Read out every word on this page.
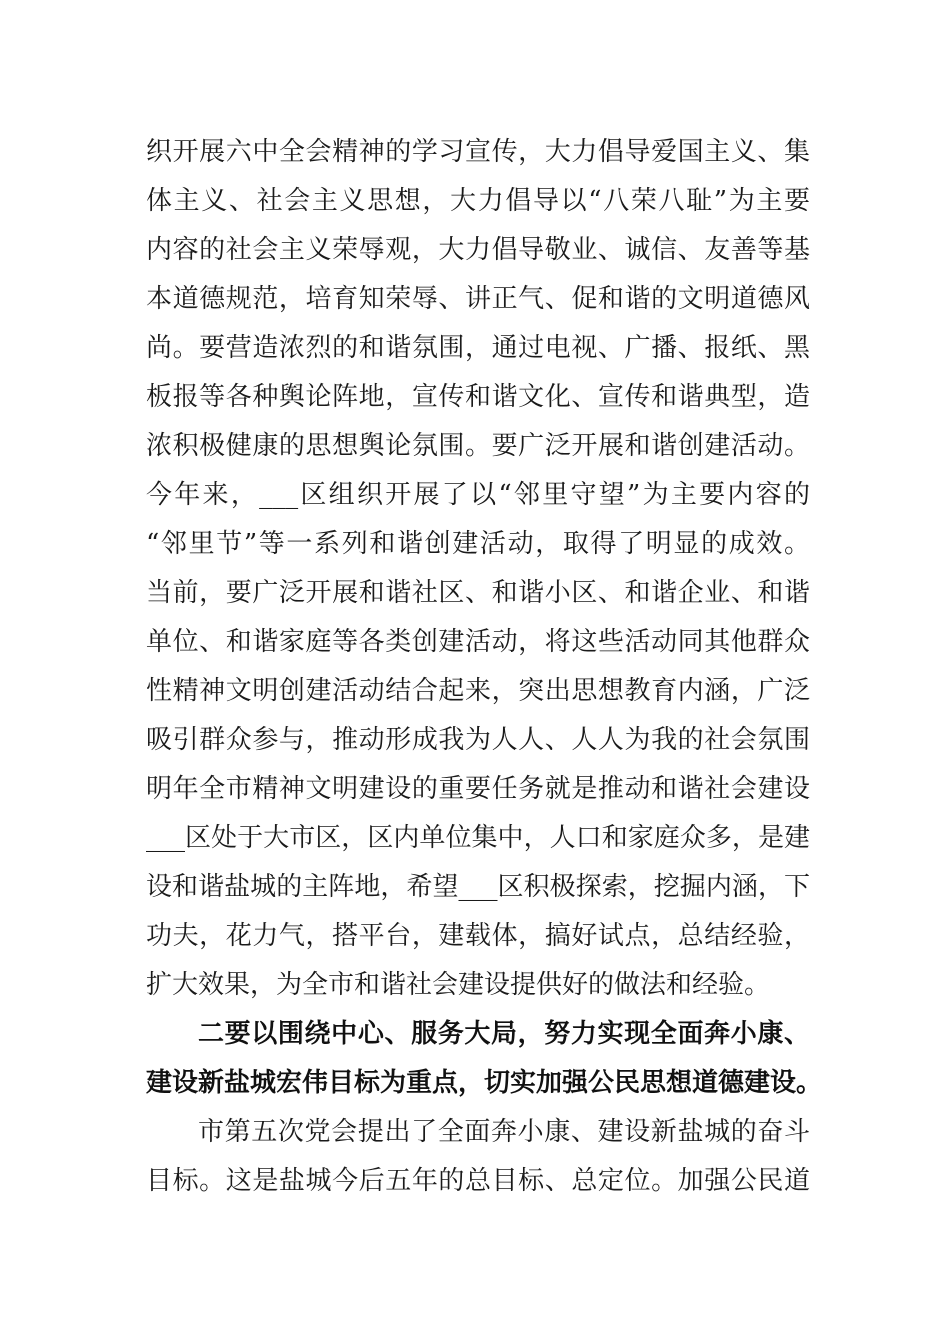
织开展六中全会精神的学习宣传，大力倡导爱国主义、集
体主义、社会主义思想，大力倡导以“八荣八耻”为主要
内容的社会主义荣辱观，大力倡导敬业、诚信、友善等基
本道德规范，培育知荣辱、讲正气、促和谐的文明道德风
尚。要营造浓烈的和谐氛围，通过电视、广播、报纸、黑
板报等各种舆论阵地，宣传和谐文化、宣传和谐典型，造
浓积极健康的思想舆论氛围。要广泛开展和谐创建活动。
今年来，___区组织开展了以“邻里守望”为主要内容的
“邻里节”等一系列和谐创建活动，取得了明显的成效。
当前，要广泛开展和谐社区、和谐小区、和谐企业、和谐
单位、和谐家庭等各类创建活动，将这些活动同其他群众
性精神文明创建活动结合起来，突出思想教育内涵，广泛
吸引群众参与，推动形成我为人人、人人为我的社会氛围
明年全市精神文明建设的重要任务就是推动和谐社会建设
___区处于大市区，区内单位集中，人口和家庭众多，是建
设和谐盐城的主阵地，希望___区积极探索，挖掘内涵，下
功夫，花力气，搭平台，建载体，搞好试点，总结经验，
扩大效果，为全市和谐社会建设提供好的做法和经验。
二要以围绕中心、服务大局，努力实现全面奔小康、
建设新盐城宏伟目标为重点，切实加强公民思想道德建设。
市第五次党会提出了全面奔小康、建设新盐城的奋斗
目标。这是盐城今后五年的总目标、总定位。加强公民道
